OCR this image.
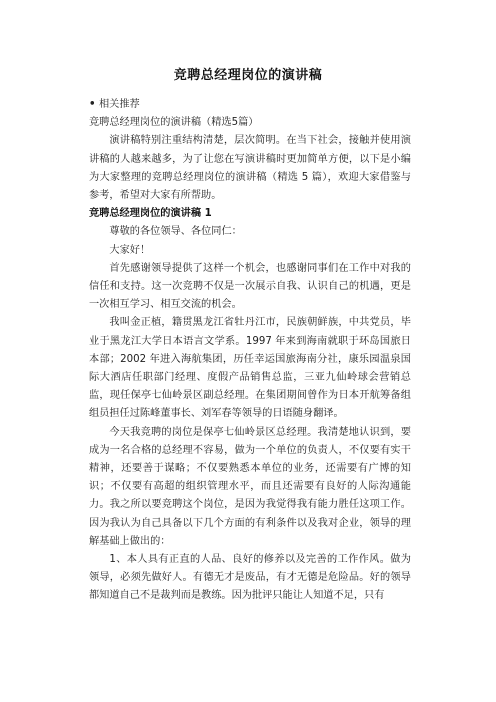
竞聘总经理岗位的演讲稿
• 相关推荐
竞聘总经理岗位的演讲稿（精选5篇）

演讲稿特别注重结构清楚，层次简明。在当下社会，接触并使用演讲稿的人越来越多，为了让您在写演讲稿时更加简单方便，以下是小编为大家整理的竞聘总经理岗位的演讲稿（精选 5 篇），欢迎大家借鉴与参考，希望对大家有所帮助。

竞聘总经理岗位的演讲稿 1

尊敬的各位领导、各位同仁：

大家好！

首先感谢领导提供了这样一个机会，也感谢同事们在工作中对我的信任和支持。这一次竞聘不仅是一次展示自我、认识自己的机遇，更是一次相互学习、相互交流的机会。

我叫金正植，籍贯黑龙江省牡丹江市，民族朝鲜族，中共党员，毕业于黑龙江大学日本语言文学系。1997 年来到海南就职于环岛国旅日本部；2002 年进入海航集团，历任幸运国旅海南分社，康乐园温泉国际大酒店任职部门经理、度假产品销售总监，三亚九仙岭球会营销总监，现任保亭七仙岭景区副总经理。在集团期间曾作为日本开航筹备组组员担任过陈峰董事长、刘军春等领导的日语随身翻译。

今天我竞聘的岗位是保亭七仙岭景区总经理。我清楚地认识到，要成为一名合格的总经理不容易，做为一个单位的负责人，不仅要有实干精神，还要善于谋略；不仅要熟悉本单位的业务，还需要有广博的知识；不仅要有高超的组织管理水平，而且还需要有良好的人际沟通能力。我之所以要竞聘这个岗位，是因为我觉得我有能力胜任这项工作。因为我认为自己具备以下几个方面的有利条件以及我对企业，领导的理解基础上做出的：

1、本人具有正直的人品、良好的修养以及完善的工作作风。做为领导，必须先做好人。有德无才是废品，有才无德是危险品。好的领导都知道自己不是裁判而是教练。因为批评只能让人知道不足，只有
